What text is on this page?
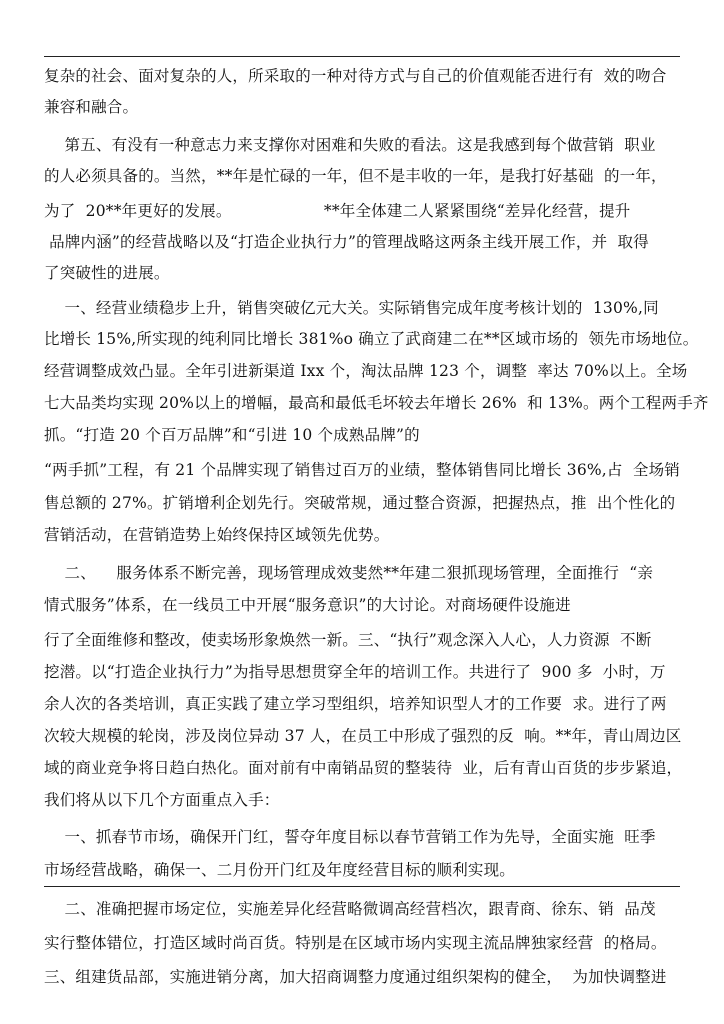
复杂的社会、面对复杂的人，所采取的一种对待方式与自己的价值观能否进行有  效的吻合
兼容和融合。
第五、有没有一种意志力来支撑你对困难和失败的看法。这是我感到每个做营销  职业
的人必须具备的。当然，**年是忙碌的一年，但不是丰收的一年，是我打好基础  的一年，
为了  20**年更好的发展。                  **年全体建二人紧紧围绕“差异化经营，提升
品牌内涵”的经营战略以及“打造企业执行力”的管理战略这两条主线开展工作，并  取得
了突破性的进展。
一、经营业绩稳步上升，销售突破亿元大关。实际销售完成年度考核计划的  130%,同
比增长 15%,所实现的纯利同比增长 381%o 确立了武商建二在**区域市场的  领先市场地位。
经营调整成效凸显。全年引进新渠道 Ixx 个，淘汰品牌 123 个，调整  率达 70%以上。全场
七大品类均实现 20%以上的增幅，最高和最低毛坏较去年增长 26%  和 13%。两个工程两手齐
抓。“打造 20 个百万品牌”和“引进 10 个成熟品牌”的
“两手抓”工程，有 21 个品牌实现了销售过百万的业绩，整体销售同比增长 36%,占  全场销
售总额的 27%。扩销增利企划先行。突破常规，通过整合资源，把握热点，推  出个性化的
营销活动，在营销造势上始终保持区域领先优势。
二、    服务体系不断完善，现场管理成效斐然**年建二狠抓现场管理，全面推行  “亲
情式服务”体系，在一线员工中开展“服务意识”的大讨论。对商场硬件设施进
行了全面维修和整改，使卖场形象焕然一新。三、“执行”观念深入人心，人力资源  不断
挖潜。以“打造企业执行力”为指导思想贯穿全年的培训工作。共进行了  900 多  小时，万
余人次的各类培训，真正实践了建立学习型组织，培养知识型人才的工作要  求。进行了两
次较大规模的轮岗，涉及岗位异动 37 人，在员工中形成了强烈的反  响。**年，青山周边区
域的商业竞争将日趋白热化。面对前有中南销品贸的整装待  业，后有青山百货的步步紧追，
我们将从以下几个方面重点入手：
一、抓春节市场，确保开门红，誓夺年度目标以春节营销工作为先导，全面实施  旺季
市场经营战略，确保一、二月份开门红及年度经营目标的顺利实现。
二、准确把握市场定位，实施差异化经营略微调高经营档次，跟青商、徐东、销  品茂
实行整体错位，打造区域时尚百货。特别是在区域市场内实现主流品牌独家经营  的格局。
三、组建货品部，实施进销分离，加大招商调整力度通过组织架构的健全，  为加快调整进
